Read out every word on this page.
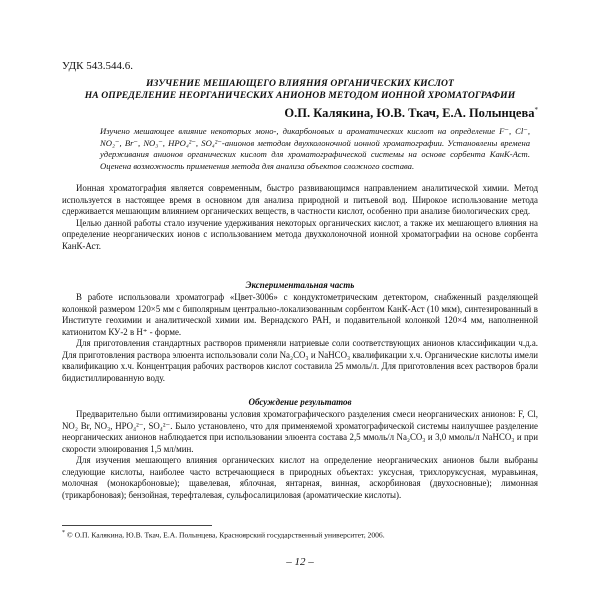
УДК 543.544.6.
ИЗУЧЕНИЕ МЕШАЮЩЕГО ВЛИЯНИЯ ОРГАНИЧЕСКИХ КИСЛОТ
НА ОПРЕДЕЛЕНИЕ НЕОРГАНИЧЕСКИХ АНИОНОВ МЕТОДОМ ИОННОЙ ХРОМАТОГРАФИИ
О.П. Калякина, Ю.В. Ткач, Е.А. Полынцева*
Изучено мешающее влияние некоторых моно-, дикарбоновых и ароматических кислот на определение F⁻, Cl⁻, NO₂⁻, Br⁻, NO₃⁻, HPO₄²⁻, SO₄²⁻-анионов методом двухколоночной ионной хроматографии. Установлены времена удерживания анионов органических кислот для хроматографической системы на основе сорбента КанК-Аст. Оценена возможность применения метода для анализа объектов сложного состава.

Ионная хроматография является современным, быстро развивающимся направлением аналитической химии. Метод используется в настоящее время в основном для анализа природной и питьевой вод. Широкое использование метода сдерживается мешающим влиянием органических веществ, в частности кислот, особенно при анализе биологических сред.

Целью данной работы стало изучение удерживания некоторых органических кислот, а также их мешающего влияния на определение неорганических ионов с использованием метода двухколоночной ионной хроматографии на основе сорбента КанК-Аст.

Экспериментальная часть

В работе использовали хроматограф «Цвет-3006» с кондуктометрическим детектором, снабженный разделяющей колонкой размером 120×5 мм с биполярным центрально-локализованным сорбентом КанК-Аст (10 мкм), синтезированный в Институте геохимии и аналитической химии им. Вернадского РАН, и подавительной колонкой 120×4 мм, наполненной катионитом КУ-2 в H⁺ - форме.

Для приготовления стандартных растворов применяли натриевые соли соответствующих анионов классификации ч.д.а. Для приготовления раствора элюента использовали соли Na₂CO₃ и NaHCO₃ квалификации х.ч. Органические кислоты имели квалификацию х.ч. Концентрация рабочих растворов кислот составила 25 ммоль/л. Для приготовления всех растворов брали бидистиллированную воду.

Обсуждение результатов

Предварительно были оптимизированы условия хроматографического разделения смеси неорганических анионов: F, Cl, NO₂ Br, NO₃, HPO₄²⁻, SO₄²⁻. Было установлено, что для применяемой хроматографической системы наилучшее разделение неорганических анионов наблюдается при использовании элюента состава 2,5 ммоль/л Na₂CO₃ и 3,0 ммоль/л NaHCO₃ и при скорости элюирования 1,5 мл/мин.

Для изучения мешающего влияния органических кислот на определение неорганических анионов были выбраны следующие кислоты, наиболее часто встречающиеся в природных объектах: уксусная, трихлоруксусная, муравьиная, молочная (монокарбоновые); щавелевая, яблочная, янтарная, винная, аскорбиновая (двухосновные); лимонная (трикарбоновая); бензойная, терефталевая, сульфосалициловая (ароматические кислоты).

* © О.П. Калякина, Ю.В. Ткач, Е.А. Полынцева, Красноярский государственный университет, 2006.
– 12 –
